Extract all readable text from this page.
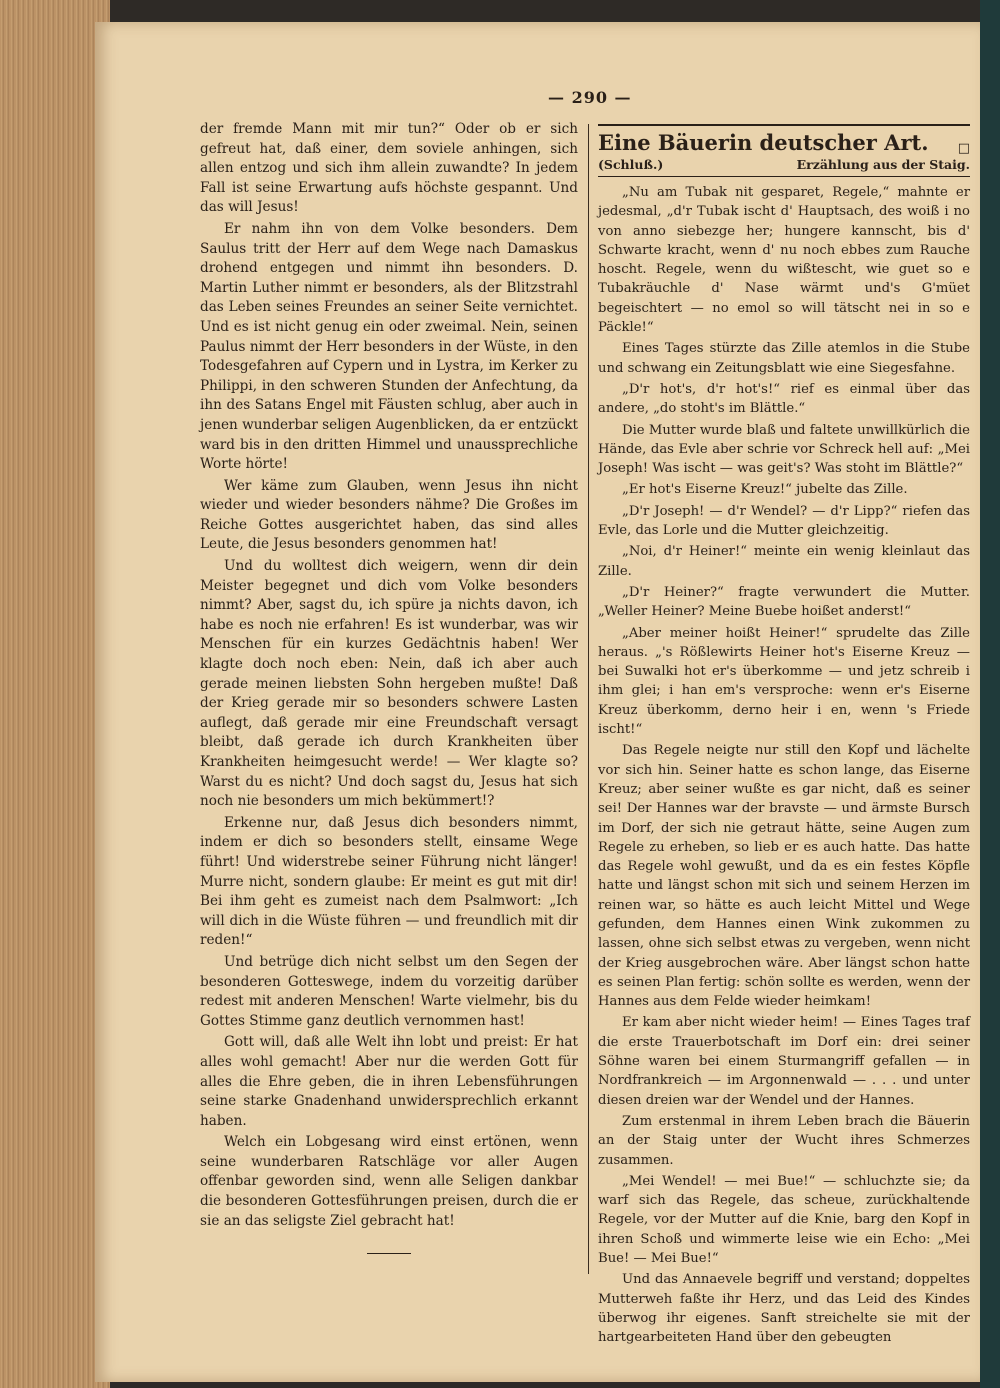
— 290 —

der fremde Mann mit mir tun?“ Oder ob er sich gefreut hat, daß einer, dem soviele anhingen, sich allen entzog und sich ihm allein zuwandte? In jedem Fall ist seine Erwartung aufs höchste gespannt. Und das will Jesus!

Er nahm ihn von dem Volke besonders. Dem Saulus tritt der Herr auf dem Wege nach Damaskus drohend entgegen und nimmt ihn besonders. D. Martin Luther nimmt er besonders, als der Blitzstrahl das Leben seines Freundes an seiner Seite vernichtet. Und es ist nicht genug ein oder zweimal. Nein, seinen Paulus nimmt der Herr besonders in der Wüste, in den Todesgefahren auf Cypern und in Lystra, im Kerker zu Philippi, in den schweren Stunden der Anfechtung, da ihn des Satans Engel mit Fäusten schlug, aber auch in jenen wunderbar seligen Augenblicken, da er entzückt ward bis in den dritten Himmel und unaussprechliche Worte hörte!

Wer käme zum Glauben, wenn Jesus ihn nicht wieder und wieder besonders nähme? Die Großes im Reiche Gottes ausgerichtet haben, das sind alles Leute, die Jesus besonders genommen hat!

Und du wolltest dich weigern, wenn dir dein Meister begegnet und dich vom Volke besonders nimmt? Aber, sagst du, ich spüre ja nichts davon, ich habe es noch nie erfahren! Es ist wunderbar, was wir Menschen für ein kurzes Gedächtnis haben! Wer klagte doch noch eben: Nein, daß ich aber auch gerade meinen liebsten Sohn hergeben mußte! Daß der Krieg gerade mir so besonders schwere Lasten auflegt, daß gerade mir eine Freundschaft versagt bleibt, daß gerade ich durch Krankheiten über Krankheiten heimgesucht werde! — Wer klagte so? Warst du es nicht? Und doch sagst du, Jesus hat sich noch nie besonders um mich bekümmert!?

Erkenne nur, daß Jesus dich besonders nimmt, indem er dich so besonders stellt, einsame Wege führt! Und widerstrebe seiner Führung nicht länger! Murre nicht, sondern glaube: Er meint es gut mit dir! Bei ihm geht es zumeist nach dem Psalmwort: „Ich will dich in die Wüste führen — und freundlich mit dir reden!“

Und betrüge dich nicht selbst um den Segen der besonderen Gotteswege, indem du vorzeitig darüber redest mit anderen Menschen! Warte vielmehr, bis du Gottes Stimme ganz deutlich vernommen hast!

Gott will, daß alle Welt ihn lobt und preist: Er hat alles wohl gemacht! Aber nur die werden Gott für alles die Ehre geben, die in ihren Lebensführungen seine starke Gnadenhand unwidersprechlich erkannt haben.

Welch ein Lobgesang wird einst ertönen, wenn seine wunderbaren Ratschläge vor aller Augen offenbar geworden sind, wenn alle Seligen dankbar die besonderen Gottesführungen preisen, durch die er sie an das seligste Ziel gebracht hat!

Eine Bäuerin deutscher Art. □
(Schluß.)	Erzählung aus der Staig.

„Nu am Tubak nit gesparet, Regele,“ mahnte er jedesmal, „d'r Tubak ischt d' Hauptsach, des woiß i no von anno siebezge her; hungere kannscht, bis d' Schwarte kracht, wenn d' nu noch ebbes zum Rauche hoscht. Regele, wenn du wißtescht, wie guet so e Tubakräuchle d' Nase wärmt und's G'müet begeischtert — no emol so will tätscht nei in so e Päckle!“

Eines Tages stürzte das Zille atemlos in die Stube und schwang ein Zeitungsblatt wie eine Siegesfahne.

„D'r hot's, d'r hot's!“ rief es einmal über das andere, „do stoht's im Blättle.“

Die Mutter wurde blaß und faltete unwillkürlich die Hände, das Evle aber schrie vor Schreck hell auf: „Mei Joseph! Was ischt — was geit's? Was stoht im Blättle?“

„Er hot's Eiserne Kreuz!“ jubelte das Zille.

„D'r Joseph! — d'r Wendel? — d'r Lipp?“ riefen das Evle, das Lorle und die Mutter gleichzeitig.

„Noi, d'r Heiner!“ meinte ein wenig kleinlaut das Zille.

„D'r Heiner?“ fragte verwundert die Mutter. „Weller Heiner? Meine Buebe hoißet anderst!“

„Aber meiner hoißt Heiner!“ sprudelte das Zille heraus. „'s Rößlewirts Heiner hot's Eiserne Kreuz — bei Suwalki hot er's überkomme — und jetz schreib i ihm glei; i han em's versproche: wenn er's Eiserne Kreuz überkomm, derno heir i en, wenn 's Friede ischt!“

Das Regele neigte nur still den Kopf und lächelte vor sich hin. Seiner hatte es schon lange, das Eiserne Kreuz; aber seiner wußte es gar nicht, daß es seiner sei! Der Hannes war der bravste — und ärmste Bursch im Dorf, der sich nie getraut hätte, seine Augen zum Regele zu erheben, so lieb er es auch hatte. Das hatte das Regele wohl gewußt, und da es ein festes Köpfle hatte und längst schon mit sich und seinem Herzen im reinen war, so hätte es auch leicht Mittel und Wege gefunden, dem Hannes einen Wink zukommen zu lassen, ohne sich selbst etwas zu vergeben, wenn nicht der Krieg ausgebrochen wäre. Aber längst schon hatte es seinen Plan fertig: schön sollte es werden, wenn der Hannes aus dem Felde wieder heimkam!

Er kam aber nicht wieder heim! — Eines Tages traf die erste Trauerbotschaft im Dorf ein: drei seiner Söhne waren bei einem Sturmangriff gefallen — in Nordfrankreich — im Argonnenwald — . . . und unter diesen dreien war der Wendel und der Hannes.

Zum erstenmal in ihrem Leben brach die Bäuerin an der Staig unter der Wucht ihres Schmerzes zusammen.

„Mei Wendel! — mei Bue!“ — schluchzte sie; da warf sich das Regele, das scheue, zurückhaltende Regele, vor der Mutter auf die Knie, barg den Kopf in ihren Schoß und wimmerte leise wie ein Echo: „Mei Bue! — Mei Bue!“

Und das Annaevele begriff und verstand; doppeltes Mutterweh faßte ihr Herz, und das Leid des Kindes überwog ihr eigenes. Sanft streichelte sie mit der hartgearbeiteten Hand über den gebeugten
